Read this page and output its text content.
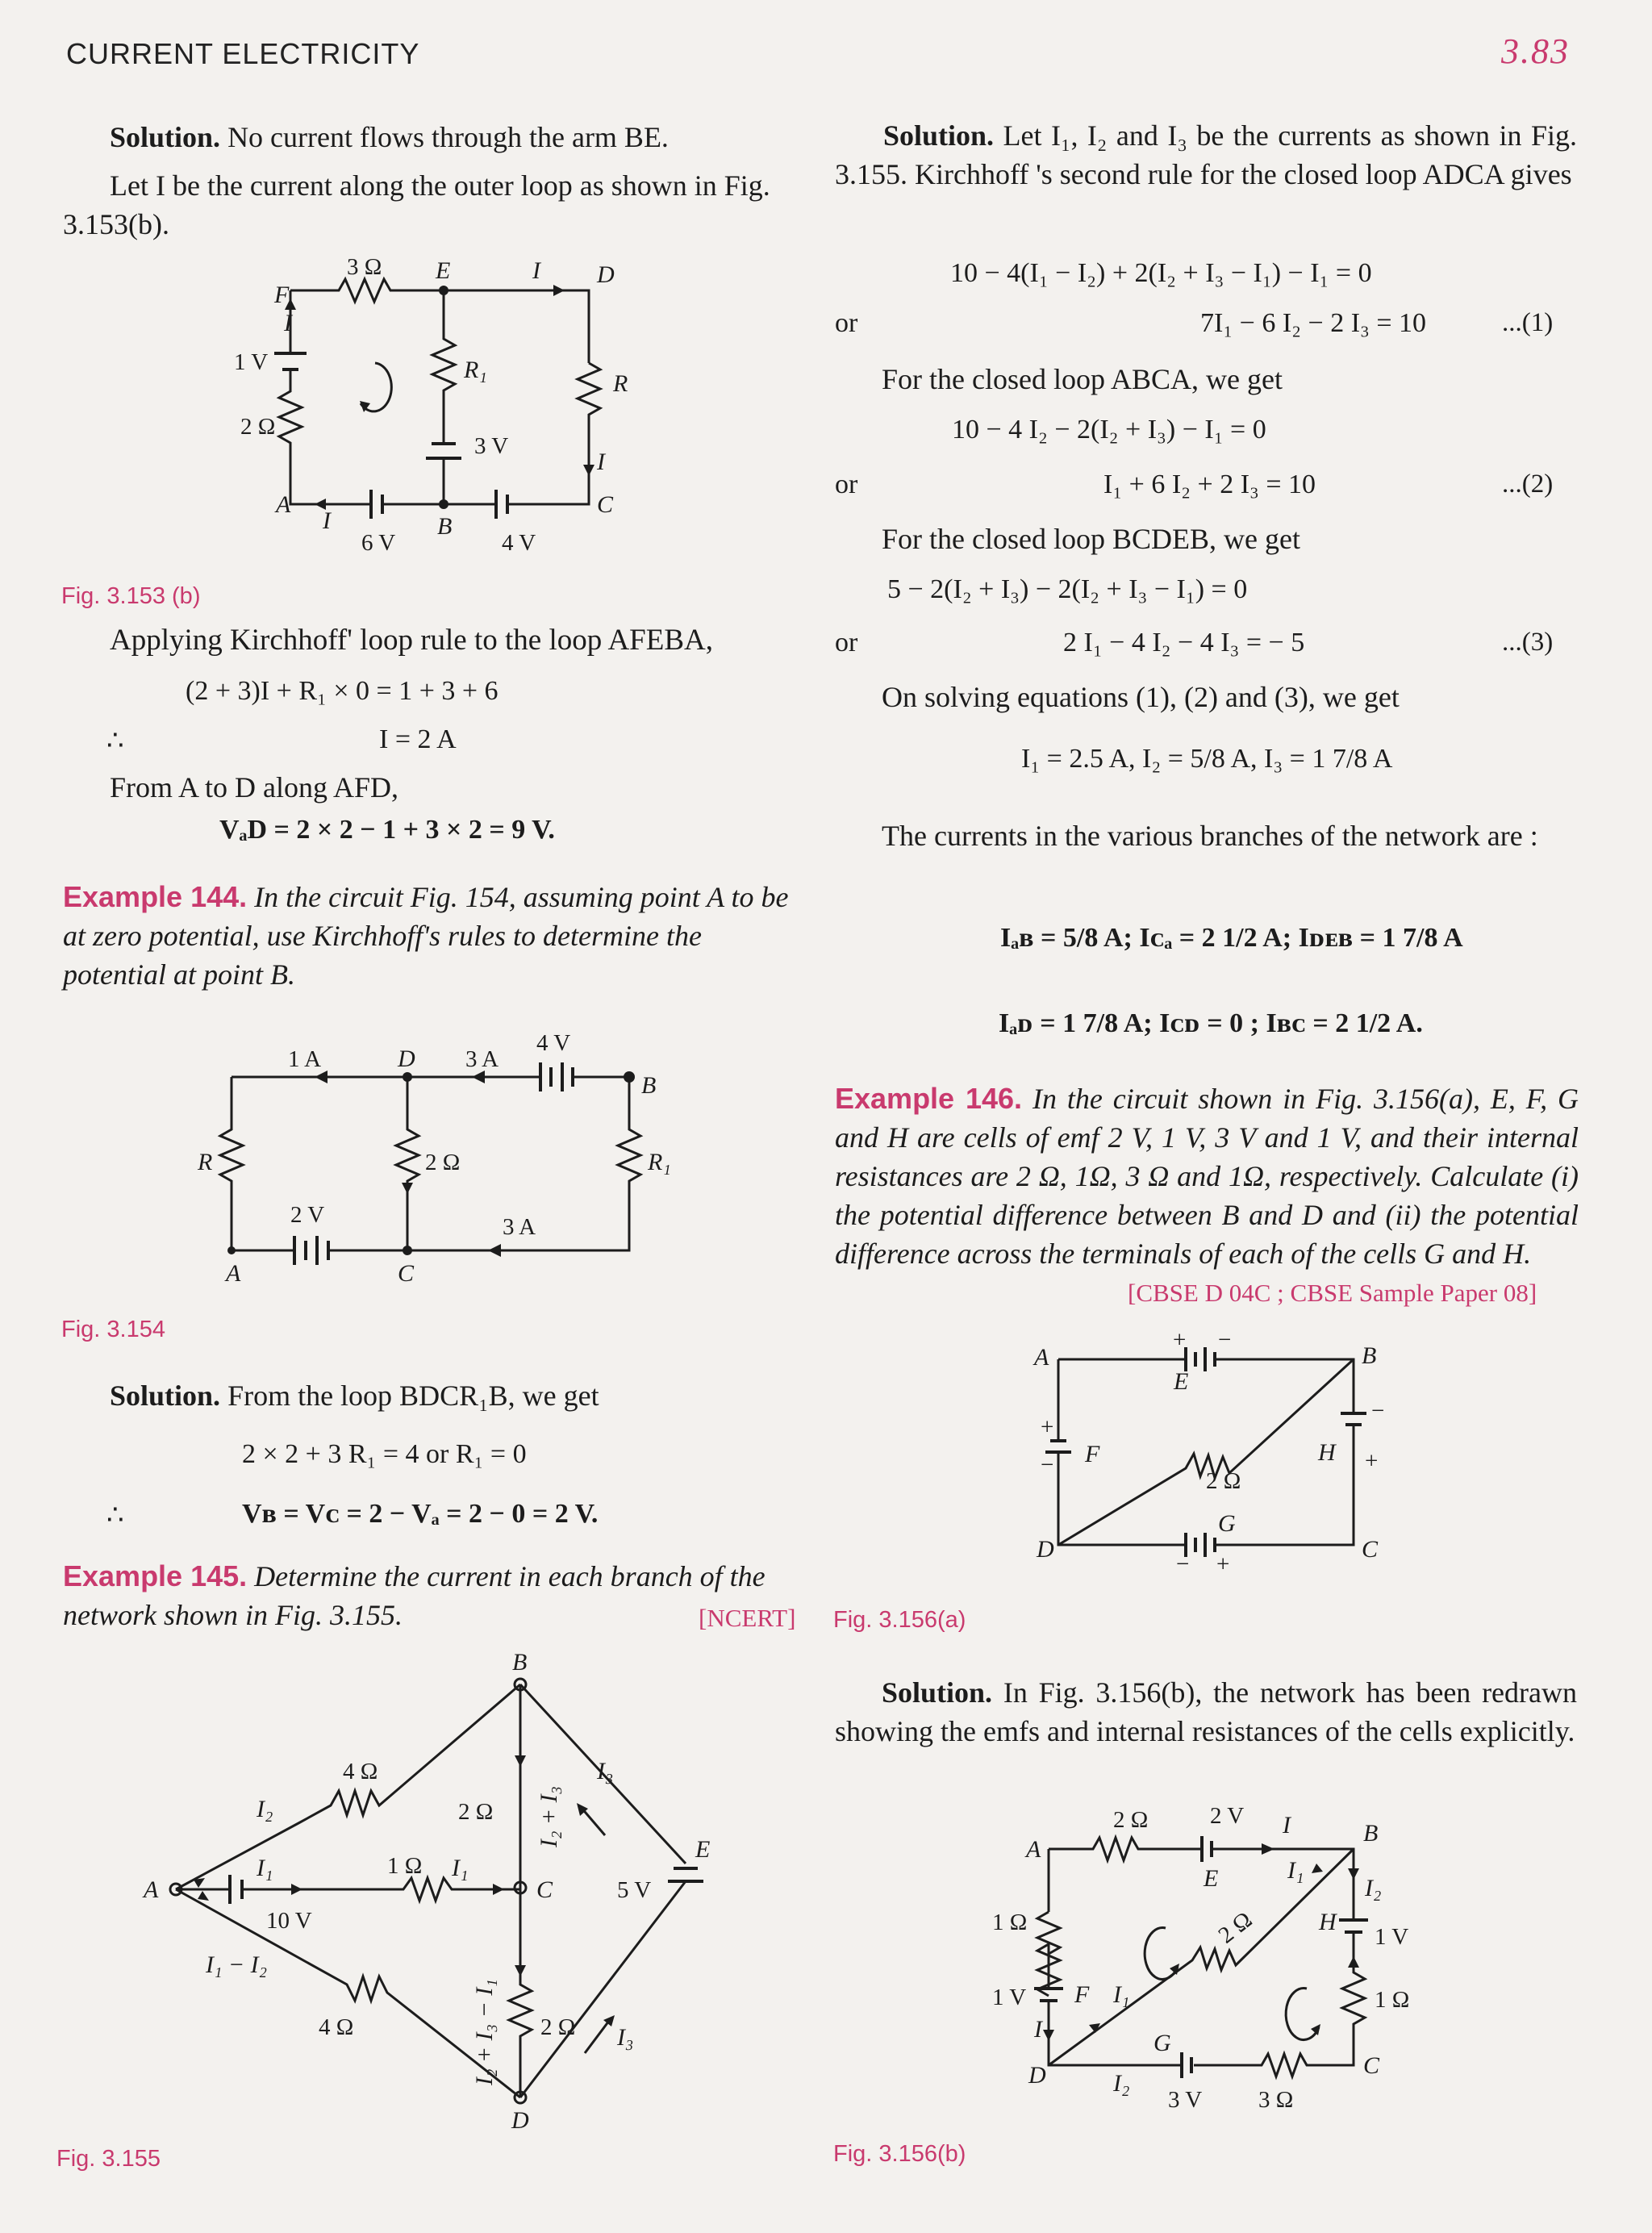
CURRENT ELECTRICITY	3.83

Solution. No current flows through the arm BE.

Let I be the current along the outer loop as shown in Fig. 3.153(b).

3 Ω E	I D
F
I
1 V
2 Ω
R₁
R
3 V
I
A
I	B
C
6 V	4 V
Fig. 3.153 (b)

Applying Kirchhoff' loop rule to the loop AFEBA,

(2 + 3)I + R₁ × 0 = 1 + 3 + 6
∴	I = 2 A

From A to D along AFD,

VₐD = 2 × 2 − 1 + 3 × 2 = 9 V.

Example 144. In the circuit Fig. 154, assuming point A to be at zero potential, use Kirchhoff's rules to determine the potential at point B.

1 A	D 3 A
4 V
B
R	2 Ω	R₁
2 V	3 A
A	C
Fig. 3.154

Solution. From the loop BDCR₁B, we get

2 × 2 + 3 R₁ = 4 or R₁ = 0
∴	Vʙ = Vᴄ = 2 − Vₐ = 2 − 0 = 2 V.

Example 145. Determine the current in each branch of the network shown in Fig. 3.155.	[NCERT]
B
4 Ω	I₃
I₂	2 Ω I₂ + I₃
I₁	1 Ω I₁
E
A	C	5 V
10 V
I₁ − I₂
I₂ + I₃ − I₁ 2 Ω I₃
4 Ω
D
Fig. 3.155

Solution. Let I₁, I₂ and I₃ be the currents as shown in Fig. 3.155. Kirchhoff 's second rule for the closed loop ADCA gives

10 − 4(I₁ − I₂) + 2(I₂ + I₃ − I₁) − I₁ = 0
or	7I₁ − 6 I₂ − 2 I₃ = 10	...(1)

For the closed loop ABCA, we get

10 − 4 I₂ − 2(I₂ + I₃) − I₁ = 0
or	I₁ + 6 I₂ + 2 I₃ = 10	...(2)

For the closed loop BCDEB, we get

5 − 2(I₂ + I₃) − 2(I₂ + I₃ − I₁) = 0
or	2 I₁ − 4 I₂ − 4 I₃ = − 5	...(3)

On solving equations (1), (2) and (3), we get

I₁ = 2.5 A, I₂ = 5/8 A, I₃ = 1 7/8 A

The currents in the various branches of the network are :

Iₐʙ = 5/8 A; Iᴄₐ = 2 1/2 A; Iᴅᴇʙ = 1 7/8 A
Iₐᴅ = 1 7/8 A; Iᴄᴅ = 0 ; Iʙᴄ = 2 1/2 A.

Example 146. In the circuit shown in Fig. 3.156(a), E, F, G and H are cells of emf 2 V, 1 V, 3 V and 1 V, and their internal resistances are 2 Ω, 1Ω, 3 Ω and 1Ω, respectively. Calculate (i) the potential difference between B and D and (ii) the potential difference across the terminals of each of the cells G and H.

[CBSE D 04C ; CBSE Sample Paper 08]
A
+ −
E
B
+
− F
−
H +
2 Ω
D
G
− +
C
Fig. 3.156(a)

Solution. In Fig. 3.156(b), the network has been redrawn showing the emfs and internal resistances of the cells explicitly.

2 Ω	2 V I
A
E	I₁
B
I₂
1 Ω
1 V
H
1 V
2 Ω
F I₁	1 Ω
I
G
D	I₂
3 V 3 Ω
C
Fig. 3.156(b)
